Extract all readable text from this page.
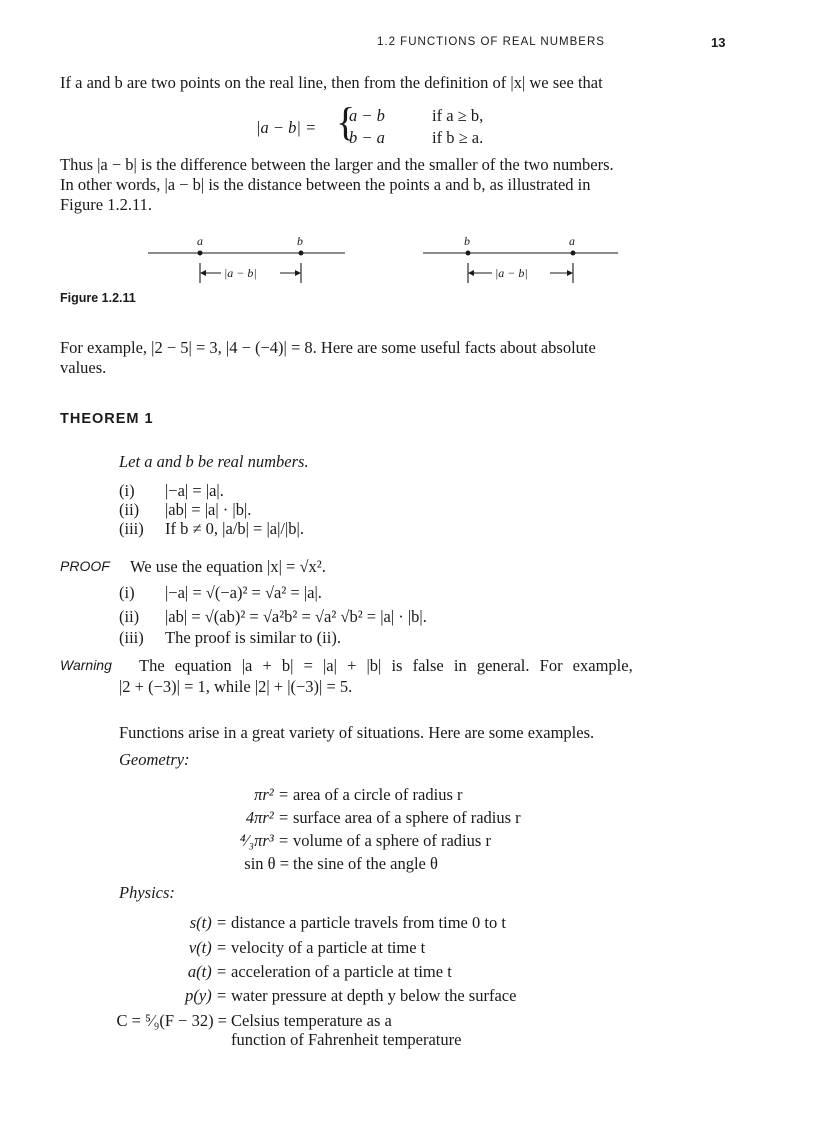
1.2 FUNCTIONS OF REAL NUMBERS	13
If a and b are two points on the real line, then from the definition of |x| we see that
|a − b| = {
a − b	if a ≥ b,
b − a	if b ≥ a.
Thus |a − b| is the difference between the larger and the smaller of the two numbers.
In other words, |a − b| is the distance between the points a and b, as illustrated in
Figure 1.2.11.
a	b
|a − b|
b	a
|a − b|
Figure 1.2.11
For example, |2 − 5| = 3, |4 − (−4)| = 8. Here are some useful facts about absolute
values.
THEOREM 1
Let a and b be real numbers.
(i) |−a| = |a|.
(ii) |ab| = |a| · |b|.
(iii) If b ≠ 0, |a/b| = |a|/|b|.
PROOF We use the equation |x| = √x².
(i) |−a| = √(−a)² = √a² = |a|.
(ii) |ab| = √(ab)² = √a²b² = √a² √b² = |a| · |b|.
(iii) The proof is similar to (ii).
Warning The equation |a + b| = |a| + |b| is false in general. For example,
|2 + (−3)| = 1, while |2| + |(−3)| = 5.
Functions arise in a great variety of situations. Here are some examples.
Geometry:
πr² = area of a circle of radius r
4πr² = surface area of a sphere of radius r
⁴⁄₃πr³ = volume of a sphere of radius r
sin θ = the sine of the angle θ
Physics:
s(t) = distance a particle travels from time 0 to t
v(t) = velocity of a particle at time t
a(t) = acceleration of a particle at time t
p(y) = water pressure at depth y below the surface
C = ⁵⁄₉(F − 32) = Celsius temperature as a
function of Fahrenheit temperature
